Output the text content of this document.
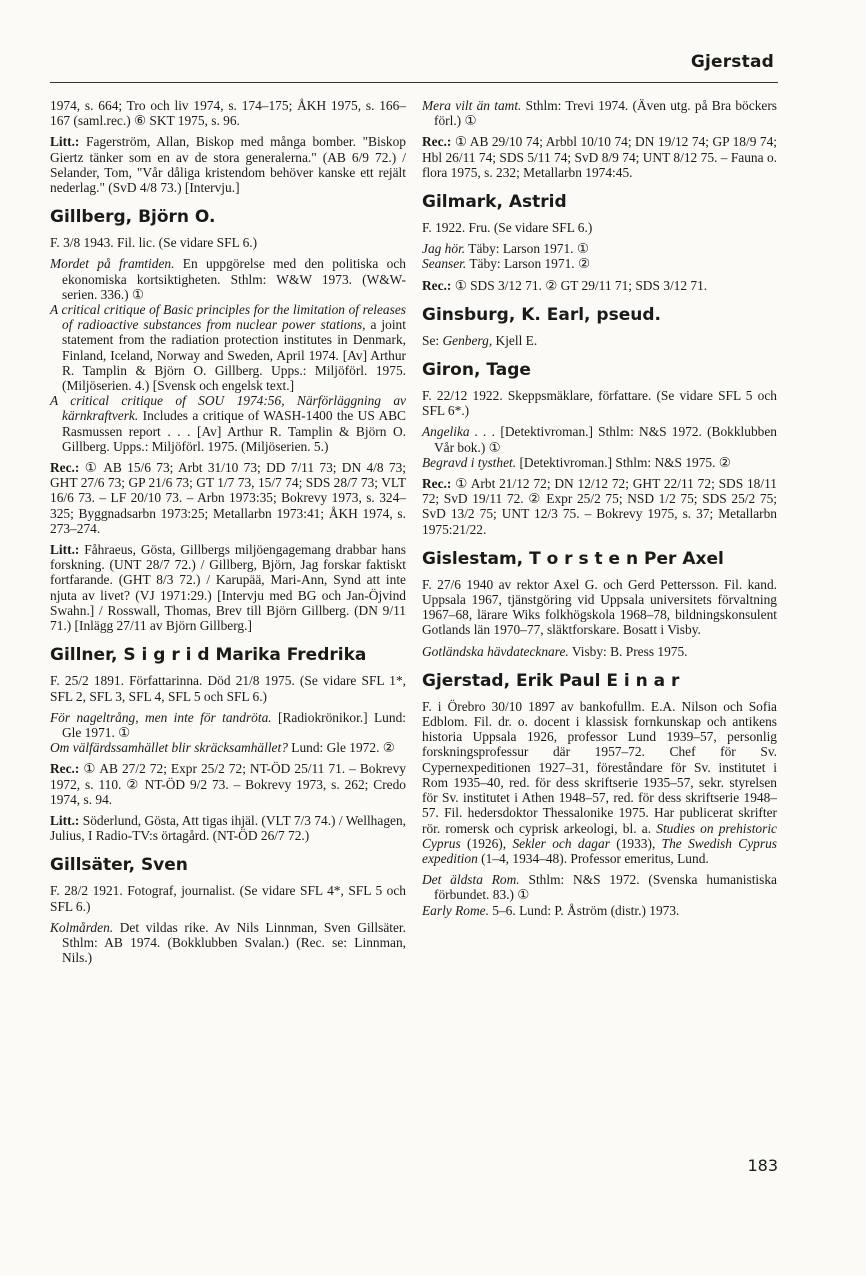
Gjerstad

1974, s. 664; Tro och liv 1974, s. 174–175; ÅKH 1975, s. 166–167 (saml.rec.) ⑥ SKT 1975, s. 96.

Litt.: Fagerström, Allan, Biskop med många bomber. "Biskop Giertz tänker som en av de stora generalerna." (AB 6/9 72.) / Selander, Tom, "Vår dåliga kristendom behöver kanske ett rejält nederlag." (SvD 4/8 73.) [Intervju.]

Gillberg, Björn O.

F. 3/8 1943. Fil. lic. (Se vidare SFL 6.)

Mordet på framtiden. En uppgörelse med den politiska och ekonomiska kortsiktigheten. Sthlm: W&W 1973. (W&W-serien. 336.) ①

A critical critique of Basic principles for the limitation of releases of radioactive substances from nuclear power stations, a joint statement from the radiation protection institutes in Denmark, Finland, Iceland, Norway and Sweden, April 1974. [Av] Arthur R. Tamplin & Björn O. Gillberg. Upps.: Miljöförl. 1975. (Miljöserien. 4.) [Svensk och engelsk text.]

A critical critique of SOU 1974:56, Närförläggning av kärnkraftverk. Includes a critique of WASH-1400 the US ABC Rasmussen report . . . [Av] Arthur R. Tamplin & Björn O. Gillberg. Upps.: Miljöförl. 1975. (Miljöserien. 5.)

Rec.: ① AB 15/6 73; Arbt 31/10 73; DD 7/11 73; DN 4/8 73; GHT 27/6 73; GP 21/6 73; GT 1/7 73, 15/7 74; SDS 28/7 73; VLT 16/6 73. – LF 20/10 73. – Arbn 1973:35; Bokrevy 1973, s. 324–325; Byggnadsarbn 1973:25; Metallarbn 1973:41; ÅKH 1974, s. 273–274.

Litt.: Fåhraeus, Gösta, Gillbergs miljöengagemang drabbar hans forskning. (UNT 28/7 72.) / Gillberg, Björn, Jag forskar faktiskt fortfarande. (GHT 8/3 72.) / Karupää, Mari-Ann, Synd att inte njuta av livet? (VJ 1971:29.) [Intervju med BG och Jan-Öjvind Swahn.] / Rosswall, Thomas, Brev till Björn Gillberg. (DN 9/11 71.) [Inlägg 27/11 av Björn Gillberg.]

Gillner, S i g r i d Marika Fredrika

F. 25/2 1891. Författarinna. Död 21/8 1975. (Se vidare SFL 1*, SFL 2, SFL 3, SFL 4, SFL 5 och SFL 6.)

För nageltrång, men inte för tandröta. [Radiokrönikor.] Lund: Gle 1971. ①

Om välfärdssamhället blir skräcksamhället? Lund: Gle 1972. ②

Rec.: ① AB 27/2 72; Expr 25/2 72; NT-ÖD 25/11 71. – Bokrevy 1972, s. 110. ② NT-ÖD 9/2 73. – Bokrevy 1973, s. 262; Credo 1974, s. 94.

Litt.: Söderlund, Gösta, Att tigas ihjäl. (VLT 7/3 74.) / Wellhagen, Julius, I Radio-TV:s örtagård. (NT-ÖD 26/7 72.)

Gillsäter, Sven

F. 28/2 1921. Fotograf, journalist. (Se vidare SFL 4*, SFL 5 och SFL 6.)

Kolmården. Det vildas rike. Av Nils Linnman, Sven Gillsäter. Sthlm: AB 1974. (Bokklubben Svalan.) (Rec. se: Linnman, Nils.)

Mera vilt än tamt. Sthlm: Trevi 1974. (Även utg. på Bra böckers förl.) ①

Rec.: ① AB 29/10 74; Arbbl 10/10 74; DN 19/12 74; GP 18/9 74; Hbl 26/11 74; SDS 5/11 74; SvD 8/9 74; UNT 8/12 75. – Fauna o. flora 1975, s. 232; Metallarbn 1974:45.

Gilmark, Astrid

F. 1922. Fru. (Se vidare SFL 6.)

Jag hör. Täby: Larson 1971. ①

Seanser. Täby: Larson 1971. ②

Rec.: ① SDS 3/12 71. ② GT 29/11 71; SDS 3/12 71.

Ginsburg, K. Earl, pseud.

Se: Genberg, Kjell E.

Giron, Tage

F. 22/12 1922. Skeppsmäklare, författare. (Se vidare SFL 5 och SFL 6*.)

Angelika . . . [Detektivroman.] Sthlm: N&S 1972. (Bokklubben Vår bok.) ①

Begravd i tysthet. [Detektivroman.] Sthlm: N&S 1975. ②

Rec.: ① Arbt 21/12 72; DN 12/12 72; GHT 22/11 72; SDS 18/11 72; SvD 19/11 72. ② Expr 25/2 75; NSD 1/2 75; SDS 25/2 75; SvD 13/2 75; UNT 12/3 75. – Bokrevy 1975, s. 37; Metallarbn 1975:21/22.

Gislestam, T o r s t e n Per Axel

F. 27/6 1940 av rektor Axel G. och Gerd Pettersson. Fil. kand. Uppsala 1967, tjänstgöring vid Uppsala universitets förvaltning 1967–68, lärare Wiks folkhögskola 1968–78, bildningskonsulent Gotlands län 1970–77, släktforskare. Bosatt i Visby.

Gotländska hävdatecknare. Visby: B. Press 1975.

Gjerstad, Erik Paul E i n a r

F. i Örebro 30/10 1897 av bankofullm. E.A. Nilson och Sofia Edblom. Fil. dr. o. docent i klassisk fornkunskap och antikens historia Uppsala 1926, professor Lund 1939–57, personlig forskningsprofessur där 1957–72. Chef för Sv. Cypernexpeditionen 1927–31, föreståndare för Sv. institutet i Rom 1935–40, red. för dess skriftserie 1935–57, sekr. styrelsen för Sv. institutet i Athen 1948–57, red. för dess skriftserie 1948–57. Fil. hedersdoktor Thessalonike 1975. Har publicerat skrifter rör. romersk och cyprisk arkeologi, bl. a. Studies on prehistoric Cyprus (1926), Sekler och dagar (1933), The Swedish Cyprus expedition (1–4, 1934–48). Professor emeritus, Lund.

Det äldsta Rom. Sthlm: N&S 1972. (Svenska humanistiska förbundet. 83.) ①

Early Rome. 5–6. Lund: P. Åström (distr.) 1973.

183
